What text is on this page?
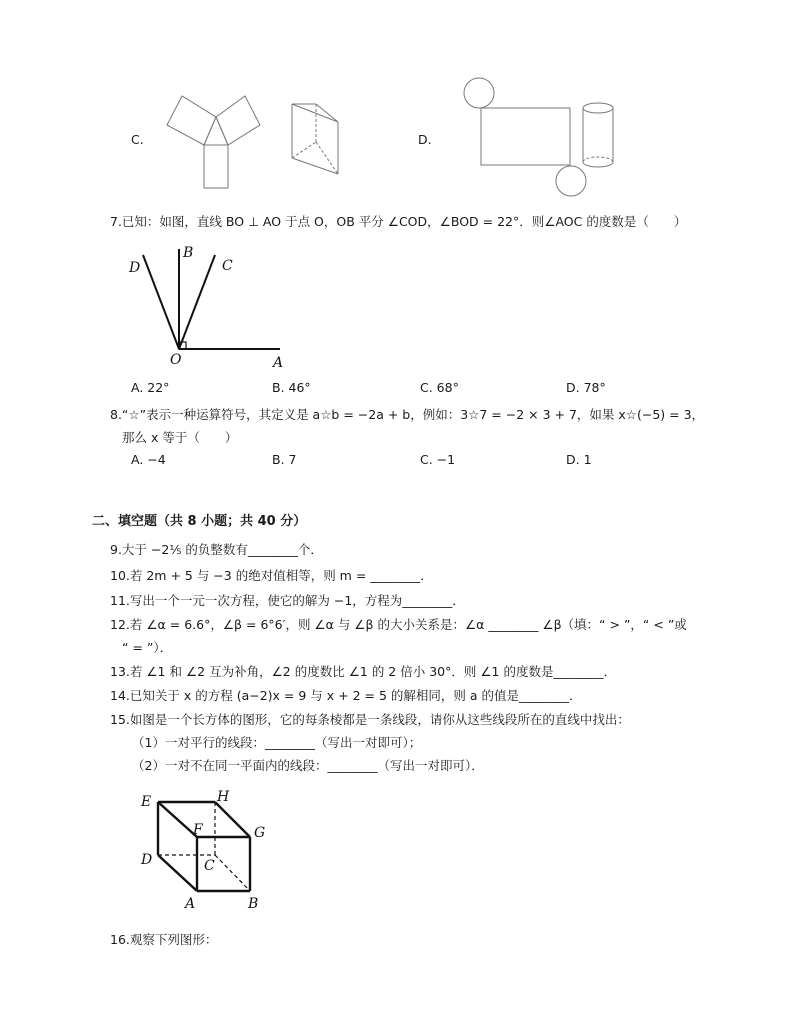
C.	D.
7.已知：如图，直线 BO ⊥ AO 于点 O，OB 平分 ∠COD，∠BOD = 22°．则∠AOC 的度数是（　　）
D
B
C
O	A
A. 22°	B. 46°	C. 68°	D. 78°
8.“☆”表示一种运算符号，其定义是 a☆b = −2a + b，例如：3☆7 = −2 × 3 + 7，如果 x☆(−5) = 3，
那么 x 等于（　　）
A. −4	B. 7	C. −1	D. 1
二、填空题（共 8 小题；共 40 分）
9.大于 −2⅕ 的负整数有________个．
10.若 2m + 5 与 −3 的绝对值相等，则 m = ________．
11.写出一个一元一次方程，使它的解为 −1，方程为________．
12.若 ∠α = 6.6°，∠β = 6°6′，则 ∠α 与 ∠β 的大小关系是：∠α ________ ∠β（填：“ > ”，“ < ”或
“ = ”）．
13.若 ∠1 和 ∠2 互为补角，∠2 的度数比 ∠1 的 2 倍小 30°．则 ∠1 的度数是________．
14.已知关于 x 的方程 (a−2)x = 9 与 x + 2 = 5 的解相同，则 a 的值是________．
15.如图是一个长方体的图形，它的每条棱都是一条线段，请你从这些线段所在的直线中找出：
（1）一对平行的线段：________（写出一对即可）；
（2）一对不在同一平面内的线段：________（写出一对即可）．
E	H
F	G
D	C
A	B
16.观察下列图形：
